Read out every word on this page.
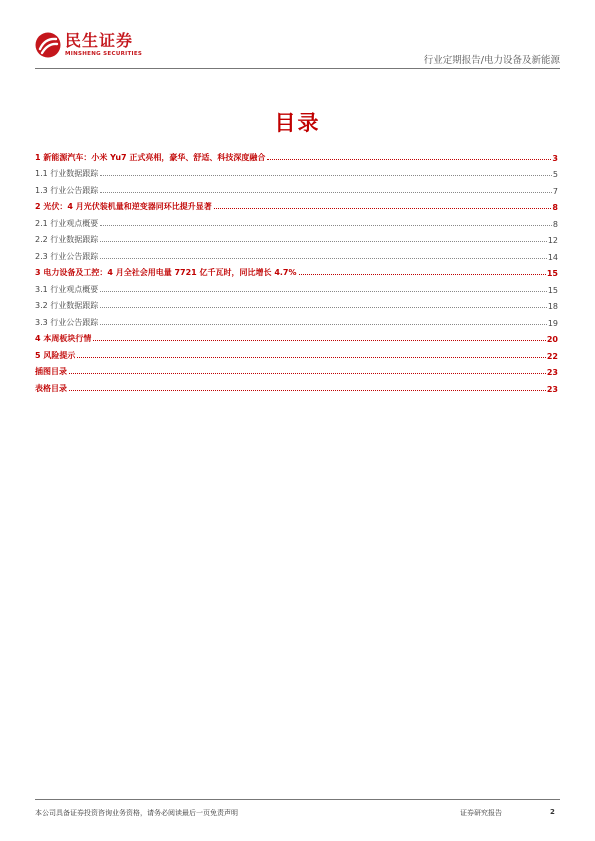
民生证券
MINSHENG SECURITIES
行业定期报告/电力设备及新能源
目录
1 新能源汽车：小米 Yu7 正式亮相，豪华、舒适、科技深度融合	3
1.1 行业数据跟踪	5
1.3 行业公告跟踪	7
2 光伏：4 月光伏装机量和逆变器同环比提升显著	8
2.1 行业观点概要	8
2.2 行业数据跟踪	12
2.3 行业公告跟踪	14
3 电力设备及工控：4 月全社会用电量 7721 亿千瓦时，同比增长 4.7%	15
3.1 行业观点概要	15
3.2 行业数据跟踪	18
3.3 行业公告跟踪	19
4 本周板块行情	20
5 风险提示	22
插图目录	23
表格目录	23
本公司具备证券投资咨询业务资格，请务必阅读最后一页免责声明	证券研究报告	2
